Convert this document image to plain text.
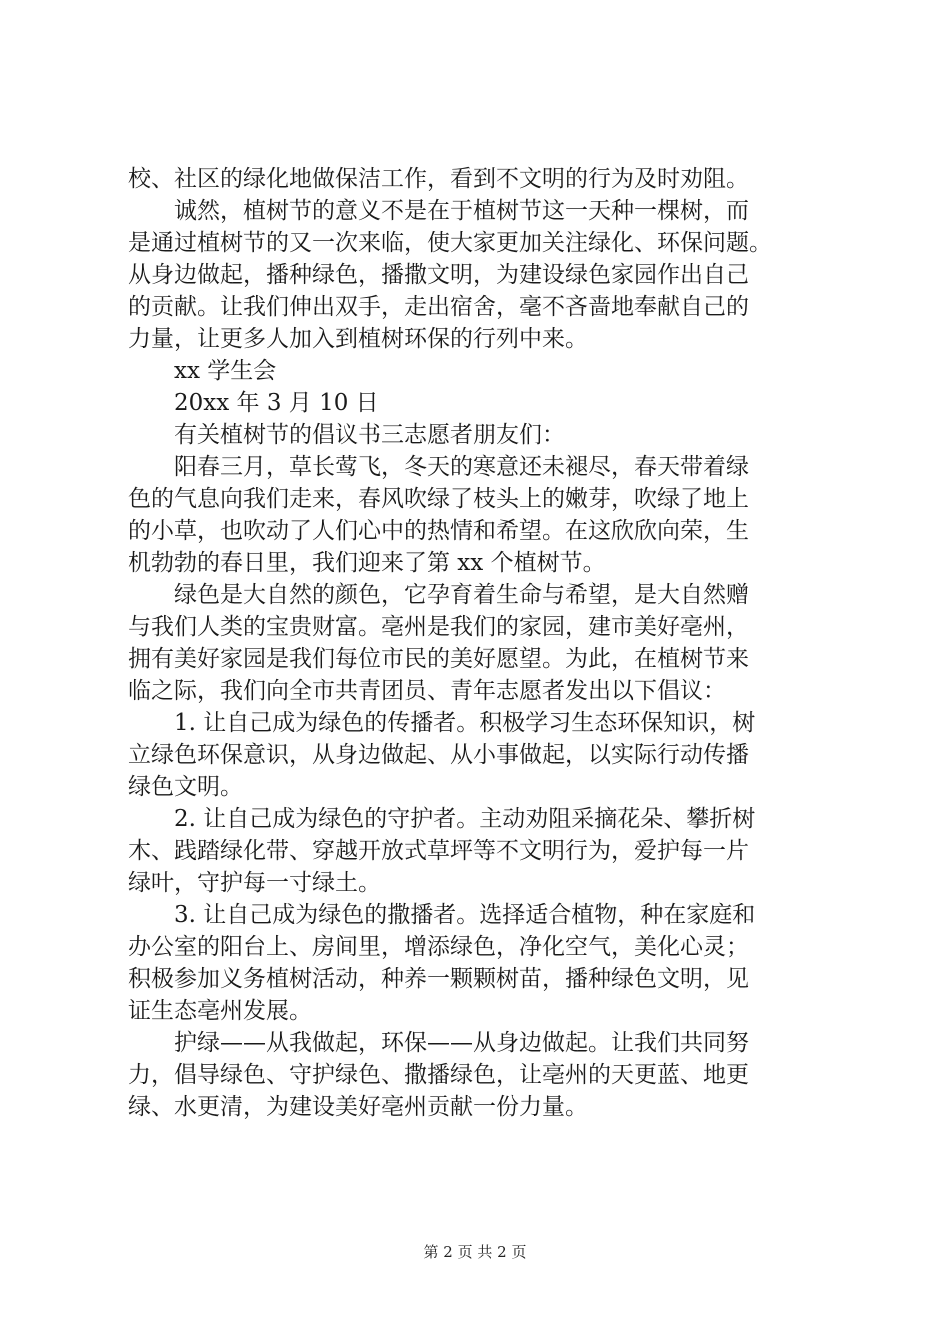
校、社区的绿化地做保洁工作，看到不文明的行为及时劝阻。
诚然，植树节的意义不是在于植树节这一天种一棵树，而
是通过植树节的又一次来临，使大家更加关注绿化、环保问题。
从身边做起，播种绿色，播撒文明，为建设绿色家园作出自己
的贡献。让我们伸出双手，走出宿舍，毫不吝啬地奉献自己的
力量，让更多人加入到植树环保的行列中来。
xx 学生会
20xx 年 3 月 10 日
有关植树节的倡议书三志愿者朋友们：
阳春三月，草长莺飞，冬天的寒意还未褪尽，春天带着绿
色的气息向我们走来，春风吹绿了枝头上的嫩芽，吹绿了地上
的小草，也吹动了人们心中的热情和希望。在这欣欣向荣，生
机勃勃的春日里，我们迎来了第 xx 个植树节。
绿色是大自然的颜色，它孕育着生命与希望，是大自然赠
与我们人类的宝贵财富。亳州是我们的家园，建市美好亳州，
拥有美好家园是我们每位市民的美好愿望。为此，在植树节来
临之际，我们向全市共青团员、青年志愿者发出以下倡议：
1. 让自己成为绿色的传播者。积极学习生态环保知识，树
立绿色环保意识，从身边做起、从小事做起，以实际行动传播
绿色文明。
2. 让自己成为绿色的守护者。主动劝阻采摘花朵、攀折树
木、践踏绿化带、穿越开放式草坪等不文明行为，爱护每一片
绿叶，守护每一寸绿土。
3. 让自己成为绿色的撒播者。选择适合植物，种在家庭和
办公室的阳台上、房间里，增添绿色，净化空气，美化心灵；
积极参加义务植树活动，种养一颗颗树苗，播种绿色文明，见
证生态亳州发展。
护绿——从我做起，环保——从身边做起。让我们共同努
力，倡导绿色、守护绿色、撒播绿色，让亳州的天更蓝、地更
绿、水更清，为建设美好亳州贡献一份力量。
第 2 页 共 2 页
